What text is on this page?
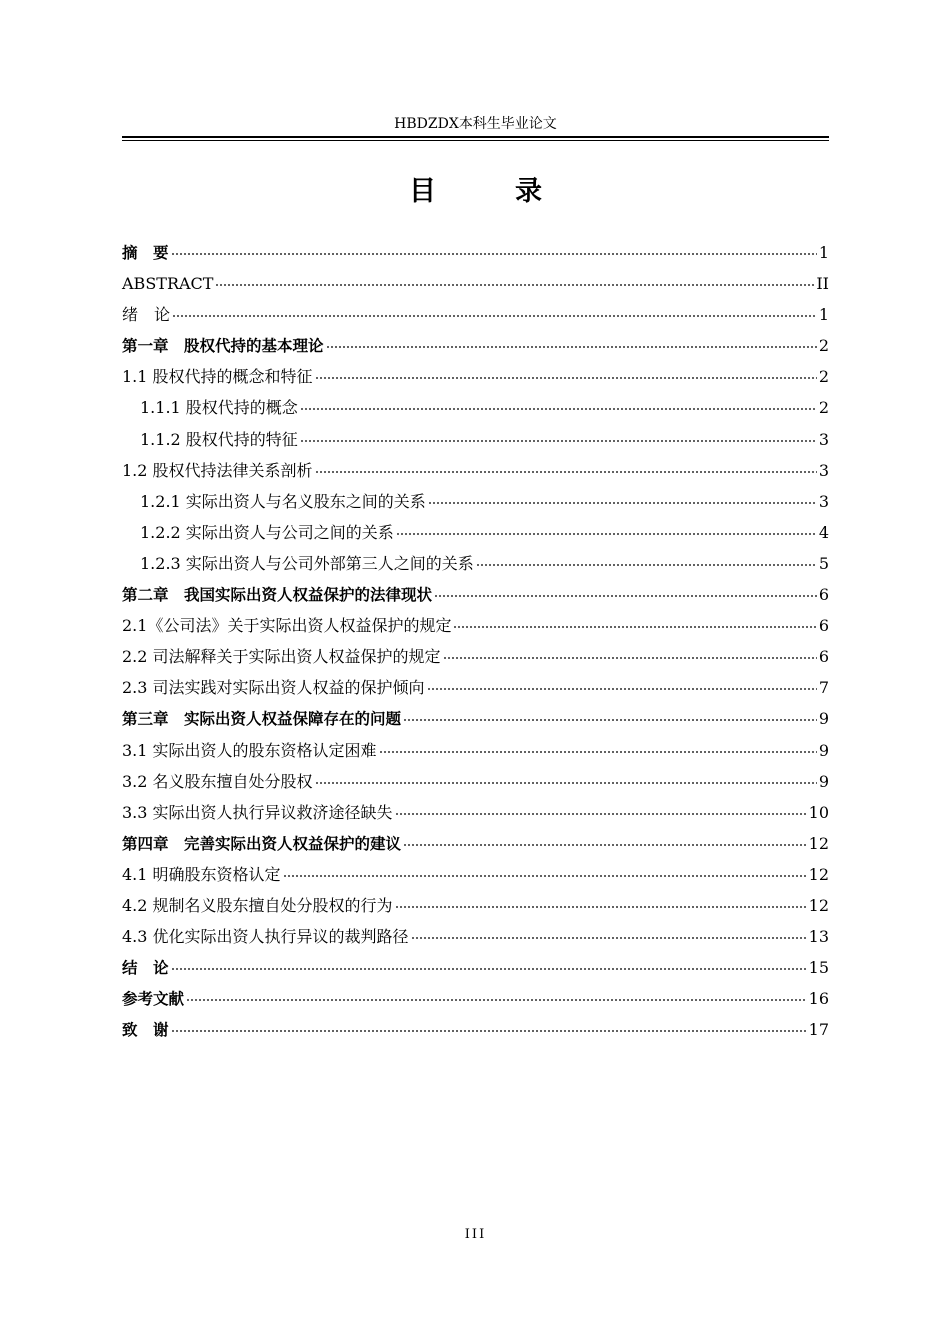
HBDZDX本科生毕业论文
目　录
摘　要	1
ABSTRACT	II
绪　论	1
第一章　股权代持的基本理论	2
1.1 股权代持的概念和特征	2
1.1.1 股权代持的概念	2
1.1.2 股权代持的特征	3
1.2 股权代持法律关系剖析	3
1.2.1 实际出资人与名义股东之间的关系	3
1.2.2 实际出资人与公司之间的关系	4
1.2.3 实际出资人与公司外部第三人之间的关系	5
第二章　我国实际出资人权益保护的法律现状	6
2.1《公司法》关于实际出资人权益保护的规定	6
2.2 司法解释关于实际出资人权益保护的规定	6
2.3 司法实践对实际出资人权益的保护倾向	7
第三章　实际出资人权益保障存在的问题	9
3.1 实际出资人的股东资格认定困难	9
3.2 名义股东擅自处分股权	9
3.3 实际出资人执行异议救济途径缺失	10
第四章　完善实际出资人权益保护的建议	12
4.1 明确股东资格认定	12
4.2 规制名义股东擅自处分股权的行为	12
4.3 优化实际出资人执行异议的裁判路径	13
结　论	15
参考文献	16
致　谢	17
III
